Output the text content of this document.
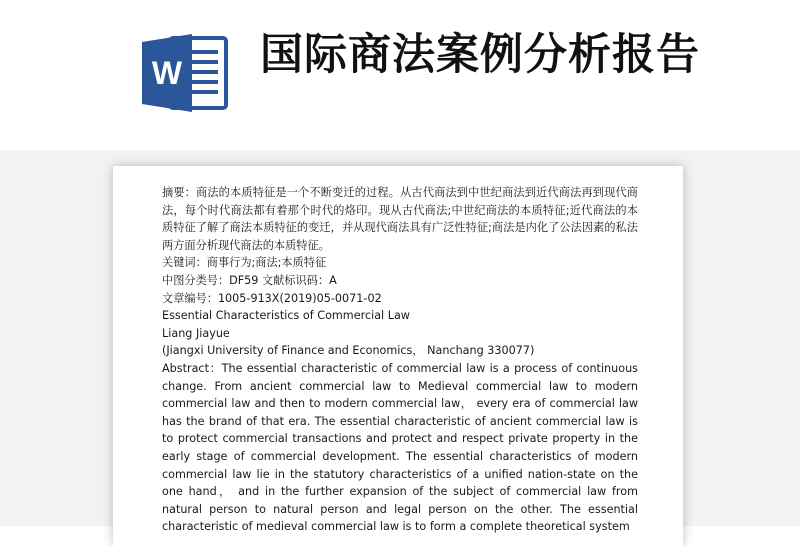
W 国际商法案例分析报告

摘要：商法的本质特征是一个不断变迁的过程。从古代商法到中世纪商法到近代商法再到现代商法，每个时代商法都有着那个时代的烙印。现从古代商法;中世纪商法的本质特征;近代商法的本质特征了解了商法本质特征的变迁，并从现代商法具有广泛性特征;商法是内化了公法因素的私法两方面分析现代商法的本质特征。

关键词：商事行为;商法;本质特征

中图分类号：DF59 文献标识码：A

文章编号：1005-913X(2019)05-0071-02

Essential Characteristics of Commercial Law

Liang Jiayue

(Jiangxi University of Finance and Economics， Nanchang 330077)

Abstract：The essential characteristic of commercial law is a process of continuous change. From ancient commercial law to Medieval commercial law to modern commercial law and then to modern commercial law， every era of commercial law has the brand of that era. The essential characteristic of ancient commercial law is to protect commercial transactions and protect and respect private property in the early stage of commercial development. The essential characteristics of modern commercial law lie in the statutory characteristics of a unified nation-state on the one hand， and in the further expansion of the subject of commercial law from natural person to natural person and legal person on the other. The essential characteristic of medieval commercial law is to form a complete theoretical system
